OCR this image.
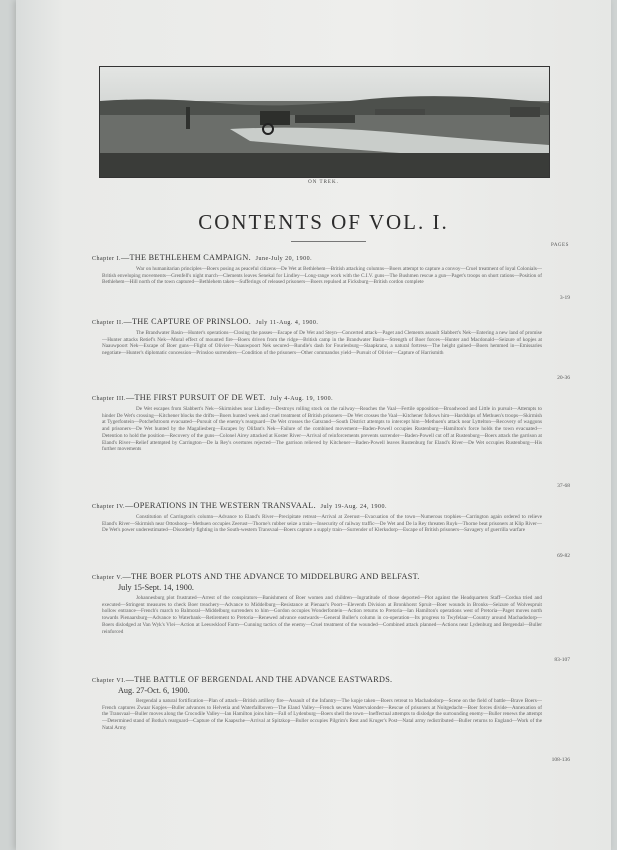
ON TREK.
CONTENTS OF VOL. I.
PAGES
Chapter I.—THE BETHLEHEM CAMPAIGN. June-July 20, 1900.
War on humanitarian principles—Boers posing as peaceful citizens—De Wet at Bethlehem—British attacking columns—Boers attempt to capture a convoy—Cruel treatment of loyal Colonials—British enveloping movements—Grenfell's night march—Clements leaves Senekal for Lindley—Long-range work with the C.I.V. guns—The Bushmen rescue a gun—Paget's troops on short rations—Position of Bethlehem—Hill north of the town captured—Bethlehem taken—Sufferings of released prisoners—Boers repulsed at Ficksburg—British cordon complete
3-19
Chapter II.—THE CAPTURE OF PRINSLOO. July 11-Aug. 4, 1900.
The Brandwater Basin—Hunter's operations—Closing the passes—Escape of De Wet and Steyn—Concerted attack—Paget and Clements assault Slabbert's Nek—Entering a new land of promise—Hunter attacks Retief's Nek—Moral effect of mounted fire—Boers driven from the ridge—British camp in the Brandwater Basin—Strength of Boer forces—Hunter and Macdonald—Seizure of kopjes at Naauwpoort Nek—Escape of Boer guns—Flight of Olivier—Naauwpoort Nek secured—Rundle's dash for Fouriesburg—Slaapkranz, a natural fortress—The height gained—Boers hemmed in—Emissaries negotiate—Hunter's diplomatic concession—Prinsloo surrenders—Condition of the prisoners—Other commandos yield—Pursuit of Olivier—Capture of Harrismith
20-36
Chapter III.—THE FIRST PURSUIT OF DE WET. July 4-Aug. 19, 1900.
De Wet escapes from Slabbert's Nek—Skirmishes near Lindley—Destroys rolling stock on the railway—Reaches the Vaal—Fertile opposition—Broadwood and Little in pursuit—Attempts to hinder De Wet's crossing—Kitchener blocks the drifts—Boers hunted week and cruel treatment of British prisoners—De Wet crosses the Vaal—Kitchener follows him—Hardships of Methuen's troops—Skirmish at Tygerfontein—Potchefstroom evacuated—Pursuit of the enemy's rearguard—De Wet crosses the Gatsrand—South District attempts to intercept him—Methuen's attack near Lyttelton—Recovery of waggons and prisoners—De Wet hunted by the Magaliesberg—Escapes by Olifant's Nek—Failure of the combined movement—Baden-Powell occupies Rustenburg—Hamilton's force holds the town evacuated—Detention to hold the position—Recovery of the guns—Colonel Airey attacked at Koster River—Arrival of reinforcements prevents surrender—Baden-Powell cut off at Rustenburg—Boers attack the garrison at Eland's River—Relief attempted by Carrington—De la Rey's overtures rejected—The garrison relieved by Kitchener—Baden-Powell leaves Rustenburg for Eland's River—De Wet occupies Rustenburg—His further movements
37-68
Chapter IV.—OPERATIONS IN THE WESTERN TRANSVAAL. July 19-Aug. 24, 1900.
Constitution of Carrington's column—Advance to Eland's River—Precipitate retreat—Arrival at Zeerust—Evacuation of the town—Numerous trophies—Carrington again ordered to relieve Eland's River—Skirmish near Ottoshoop—Methuen occupies Zeerust—Thorne's rubber seize a train—Insecurity of railway traffic—De Wet and De la Rey threaten Ruyk—Thorne beat prisoners at Klip River—De Wet's power underestimated—Disorderly fighting in the South-western Transvaal—Boers capture a supply train—Surrender of Klerksdorp—Escape of British prisoners—Savagery of guerrilla warfare
69-82
Chapter V.—THE BOER PLOTS AND THE ADVANCE TO MIDDELBURG AND BELFAST.
July 15-Sept. 14, 1900.
Johannesburg plot frustrated—Arrest of the conspirators—Banishment of Boer women and children—Ingratitude of those deported—Plot against the Headquarters Staff—Cordua tried and executed—Stringent measures to check Boer treachery—Advance to Middelburg—Resistance at Pienaar's Poort—Eleventh Division at Bronkhorst Spruit—Boer wounds in Bronks—Seizure of Wolvespruit hollow entrance—French's march to Balmoral—Middelburg surrenders to him—Gordon occupies Wonderfontein—Action returns to Pretoria—Ian Hamilton's operations west of Pretoria—Paget moves north towards Pienaarsburg—Advance to Waterbank—Retirement to Pretoria—Renewed advance eastwards—General Buller's column in co-operation—Its progress to Twyfelaar—Country around Machadodorp—Boers dislodged at Van Wyk's Vlei—Action at Leeuwkloof Farm—Cunning tactics of the enemy—Cruel treatment of the wounded—Combined attack planned—Actions near Lydenburg and Bergendal—Buller reinforced
83-107
Chapter VI.—THE BATTLE OF BERGENDAL AND THE ADVANCE EASTWARDS.
Aug. 27-Oct. 6, 1900.
Bergendal a natural fortification—Plan of attack—British artillery fire—Assault of the Infantry—The kopje taken—Boers retreat to Machadodorp—Scene on the field of battle—Brave Boers—French captures Zwaar Kopjes—Buller advances to Helvetia and Waterfallboven—The Eland Valley—French secures Watervalonder—Rescue of prisoners at Noitgedacht—Boer forces divide—Annexation of the Transvaal—Buller moves along the Crocodile Valley—Ian Hamilton joins him—Fall of Lydenburg—Boers shell the town—Ineffectual attempts to dislodge the surrounding enemy—Buller renews the attempt—Determined stand of Botha's rearguard—Capture of the Kaapsche—Arrival at Spitzkop—Buller occupies Pilgrim's Rest and Kruger's Post—Natal army redistributed—Buller returns to England—Work of the Natal Army
108-136
